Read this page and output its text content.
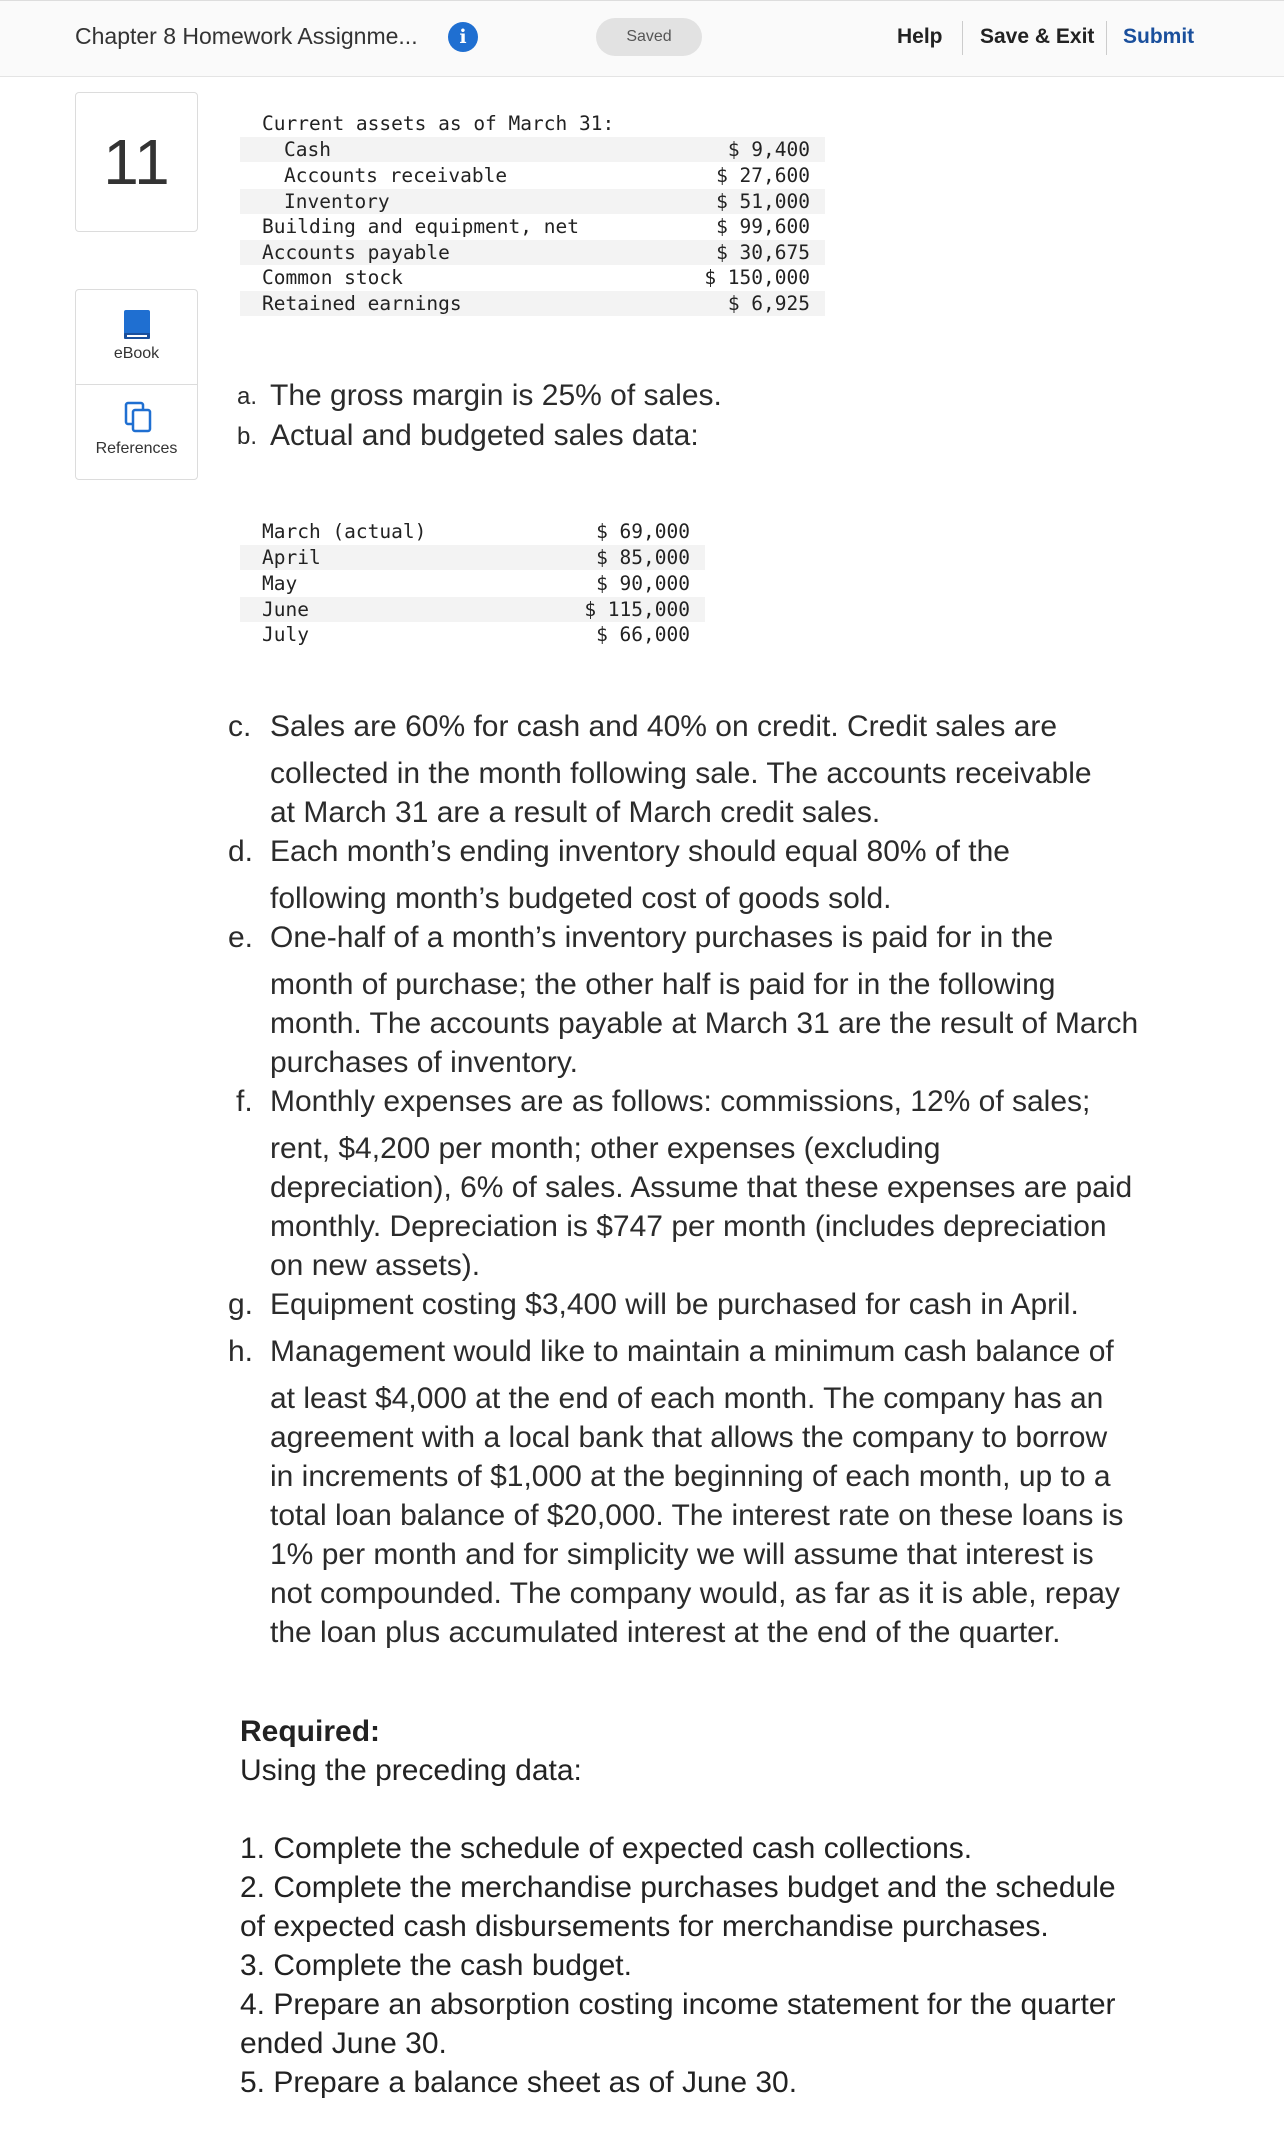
Chapter 8 Homework Assignme...	i	Saved	Help Save & Exit Submit
11
eBook
References
Current assets as of March 31:
Cash	$ 9,400
Accounts receivable	$ 27,600
Inventory	$ 51,000
Building and equipment, net	$ 99,600
Accounts payable	$ 30,675
Common stock	$ 150,000
Retained earnings	$ 6,925
a. The gross margin is 25% of sales.
b. Actual and budgeted sales data:
March (actual)	$ 69,000
April	$ 85,000
May	$ 90,000
June	$ 115,000
July	$ 66,000
c. Sales are 60% for cash and 40% on credit. Credit sales are
collected in the month following sale. The accounts receivable
at March 31 are a result of March credit sales.
d. Each month’s ending inventory should equal 80% of the
following month’s budgeted cost of goods sold.
e. One-half of a month’s inventory purchases is paid for in the
month of purchase; the other half is paid for in the following
month. The accounts payable at March 31 are the result of March
purchases of inventory.
f. Monthly expenses are as follows: commissions, 12% of sales;
rent, $4,200 per month; other expenses (excluding
depreciation), 6% of sales. Assume that these expenses are paid
monthly. Depreciation is $747 per month (includes depreciation
on new assets).
g. Equipment costing $3,400 will be purchased for cash in April.
h. Management would like to maintain a minimum cash balance of
at least $4,000 at the end of each month. The company has an
agreement with a local bank that allows the company to borrow
in increments of $1,000 at the beginning of each month, up to a
total loan balance of $20,000. The interest rate on these loans is
1% per month and for simplicity we will assume that interest is
not compounded. The company would, as far as it is able, repay
the loan plus accumulated interest at the end of the quarter.
Required:
Using the preceding data:
1. Complete the schedule of expected cash collections.
2. Complete the merchandise purchases budget and the schedule
of expected cash disbursements for merchandise purchases.
3. Complete the cash budget.
4. Prepare an absorption costing income statement for the quarter
ended June 30.
5. Prepare a balance sheet as of June 30.
